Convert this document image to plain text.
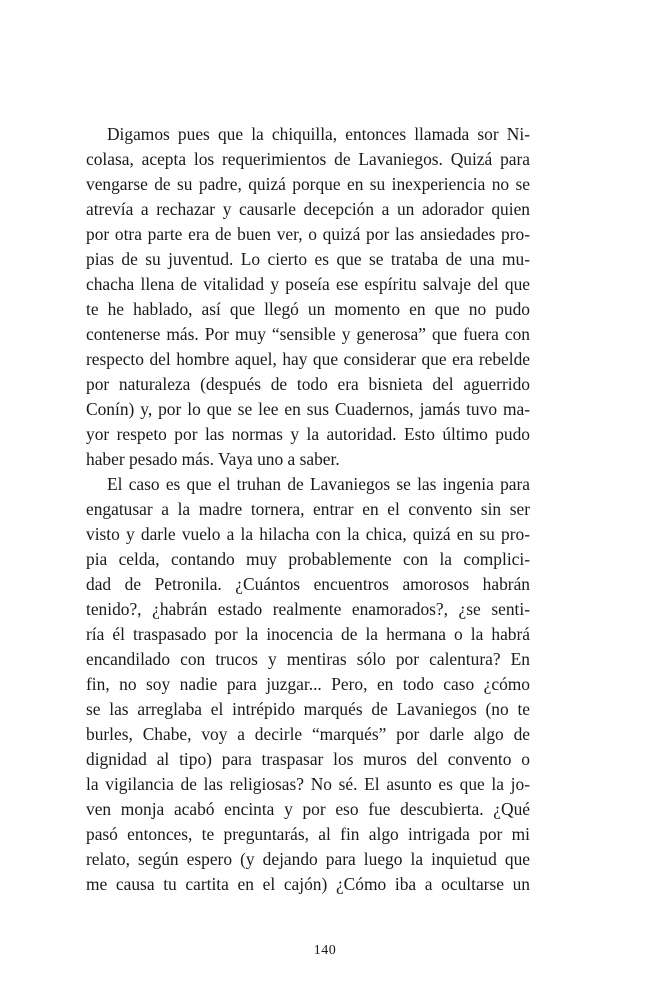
Digamos pues que la chiquilla, entonces llamada sor Ni-
colasa, acepta los requerimientos de Lavaniegos. Quizá para
vengarse de su padre, quizá porque en su inexperiencia no se
atrevía a rechazar y causarle decepción a un adorador quien
por otra parte era de buen ver, o quizá por las ansiedades pro-
pias de su juventud. Lo cierto es que se trataba de una mu-
chacha llena de vitalidad y poseía ese espíritu salvaje del que
te he hablado, así que llegó un momento en que no pudo
contenerse más. Por muy “sensible y generosa” que fuera con
respecto del hombre aquel, hay que considerar que era rebelde
por naturaleza (después de todo era bisnieta del aguerrido
Conín) y, por lo que se lee en sus Cuadernos, jamás tuvo ma-
yor respeto por las normas y la autoridad. Esto último pudo
haber pesado más. Vaya uno a saber.
El caso es que el truhan de Lavaniegos se las ingenia para
engatusar a la madre tornera, entrar en el convento sin ser
visto y darle vuelo a la hilacha con la chica, quizá en su pro-
pia celda, contando muy probablemente con la complici-
dad de Petronila. ¿Cuántos encuentros amorosos habrán
tenido?, ¿habrán estado realmente enamorados?, ¿se senti-
ría él traspasado por la inocencia de la hermana o la habrá
encandilado con trucos y mentiras sólo por calentura? En
fin, no soy nadie para juzgar... Pero, en todo caso ¿cómo
se las arreglaba el intrépido marqués de Lavaniegos (no te
burles, Chabe, voy a decirle “marqués” por darle algo de
dignidad al tipo) para traspasar los muros del convento o
la vigilancia de las religiosas? No sé. El asunto es que la jo-
ven monja acabó encinta y por eso fue descubierta. ¿Qué
pasó entonces, te preguntarás, al fin algo intrigada por mi
relato, según espero (y dejando para luego la inquietud que
me causa tu cartita en el cajón) ¿Cómo iba a ocultarse un
140
